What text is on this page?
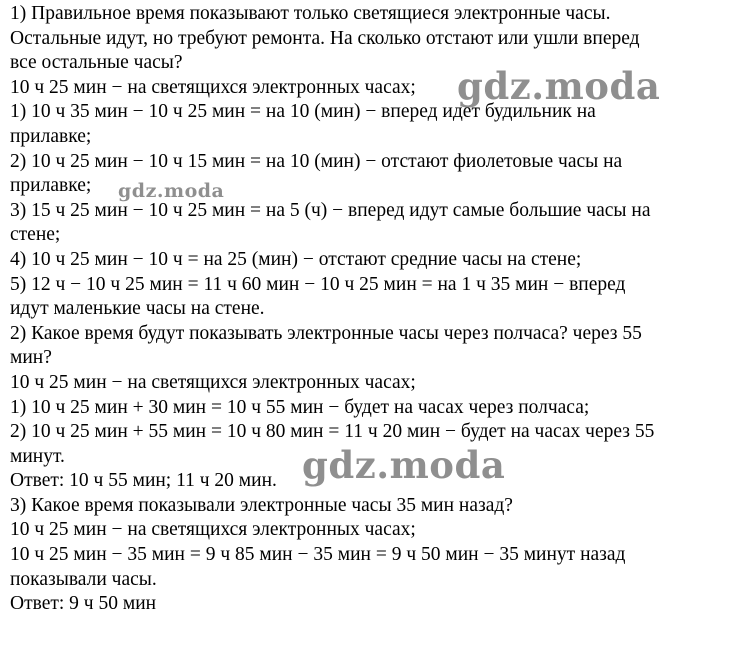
1) Правильное время показывают только светящиеся электронные часы.
Остальные идут, но требуют ремонта. На сколько отстают или ушли вперед
все остальные часы?
10 ч 25 мин − на светящихся электронных часах;
1) 10 ч 35 мин − 10 ч 25 мин = на 10 (мин) − вперед идет будильник на
прилавке;
2) 10 ч 25 мин − 10 ч 15 мин = на 10 (мин) − отстают фиолетовые часы на
прилавке;
3) 15 ч 25 мин − 10 ч 25 мин = на 5 (ч) − вперед идут самые большие часы на
стене;
4) 10 ч 25 мин − 10 ч = на 25 (мин) − отстают средние часы на стене;
5) 12 ч − 10 ч 25 мин = 11 ч 60 мин − 10 ч 25 мин = на 1 ч 35 мин − вперед
идут маленькие часы на стене.
2) Какое время будут показывать электронные часы через полчаса? через 55
мин?
10 ч 25 мин − на светящихся электронных часах;
1) 10 ч 25 мин + 30 мин = 10 ч 55 мин − будет на часах через полчаса;
2) 10 ч 25 мин + 55 мин = 10 ч 80 мин = 11 ч 20 мин − будет на часах через 55
минут.
Ответ: 10 ч 55 мин; 11 ч 20 мин.
3) Какое время показывали электронные часы 35 мин назад?
10 ч 25 мин − на светящихся электронных часах;
10 ч 25 мин − 35 мин = 9 ч 85 мин − 35 мин = 9 ч 50 мин − 35 минут назад
показывали часы.
Ответ: 9 ч 50 мин
gdz.moda
gdz.moda
gdz.moda
